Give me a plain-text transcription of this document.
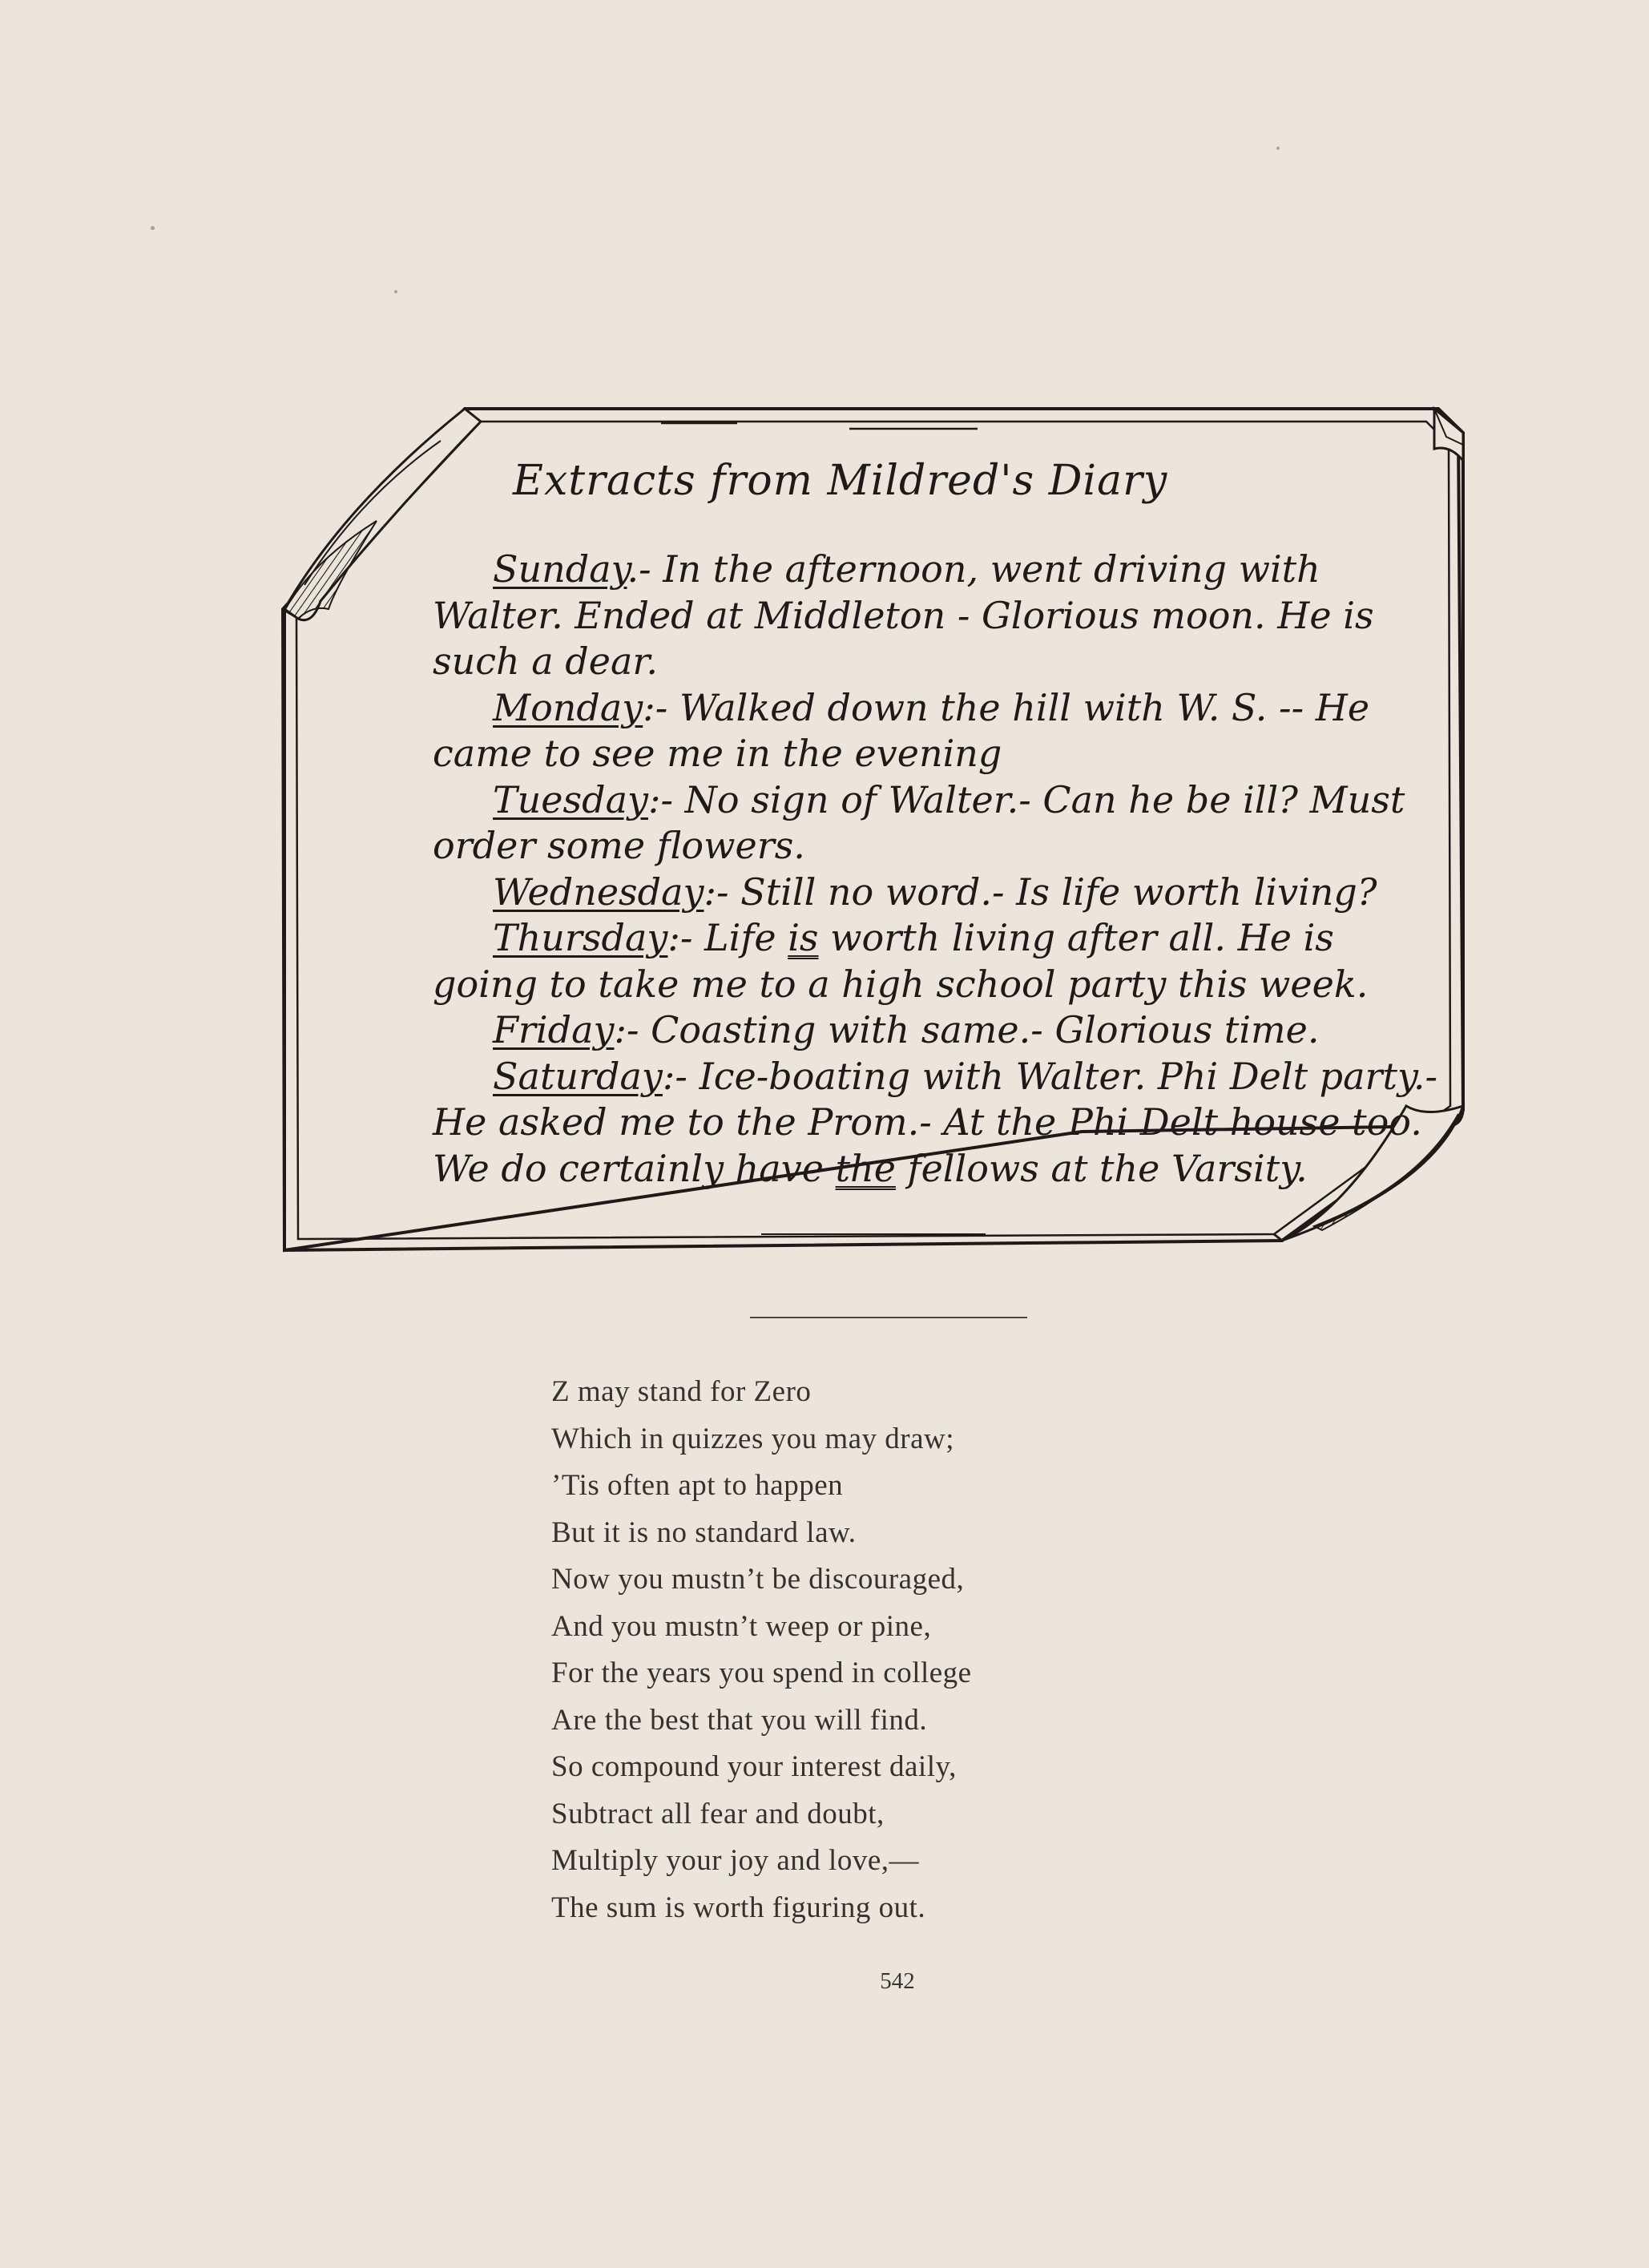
Extracts from Mildred's Diary

Sunday.- In the afternoon, went driving with Walter. Ended at Middleton - Glorious moon. He is such a dear.

Monday:- Walked down the hill with W. S. -- He came to see me in the evening

Tuesday:- No sign of Walter.- Can he be ill? Must order some flowers.

Wednesday:- Still no word.- Is life worth living?

Thursday:- Life is worth living after all. He is going to take me to a high school party this week.

Friday:- Coasting with same.- Glorious time.

Saturday:- Ice-boating with Walter. Phi Delt party.- He asked me to the Prom.- At the Phi Delt house too. We do certainly have the fellows at the Varsity.

Z may stand for Zero
Which in quizzes you may draw;
’Tis often apt to happen
But it is no standard law.
Now you mustn’t be discouraged,
And you mustn’t weep or pine,
For the years you spend in college
Are the best that you will find.
So compound your interest daily,
Subtract all fear and doubt,
Multiply your joy and love,—
The sum is worth figuring out.
542
